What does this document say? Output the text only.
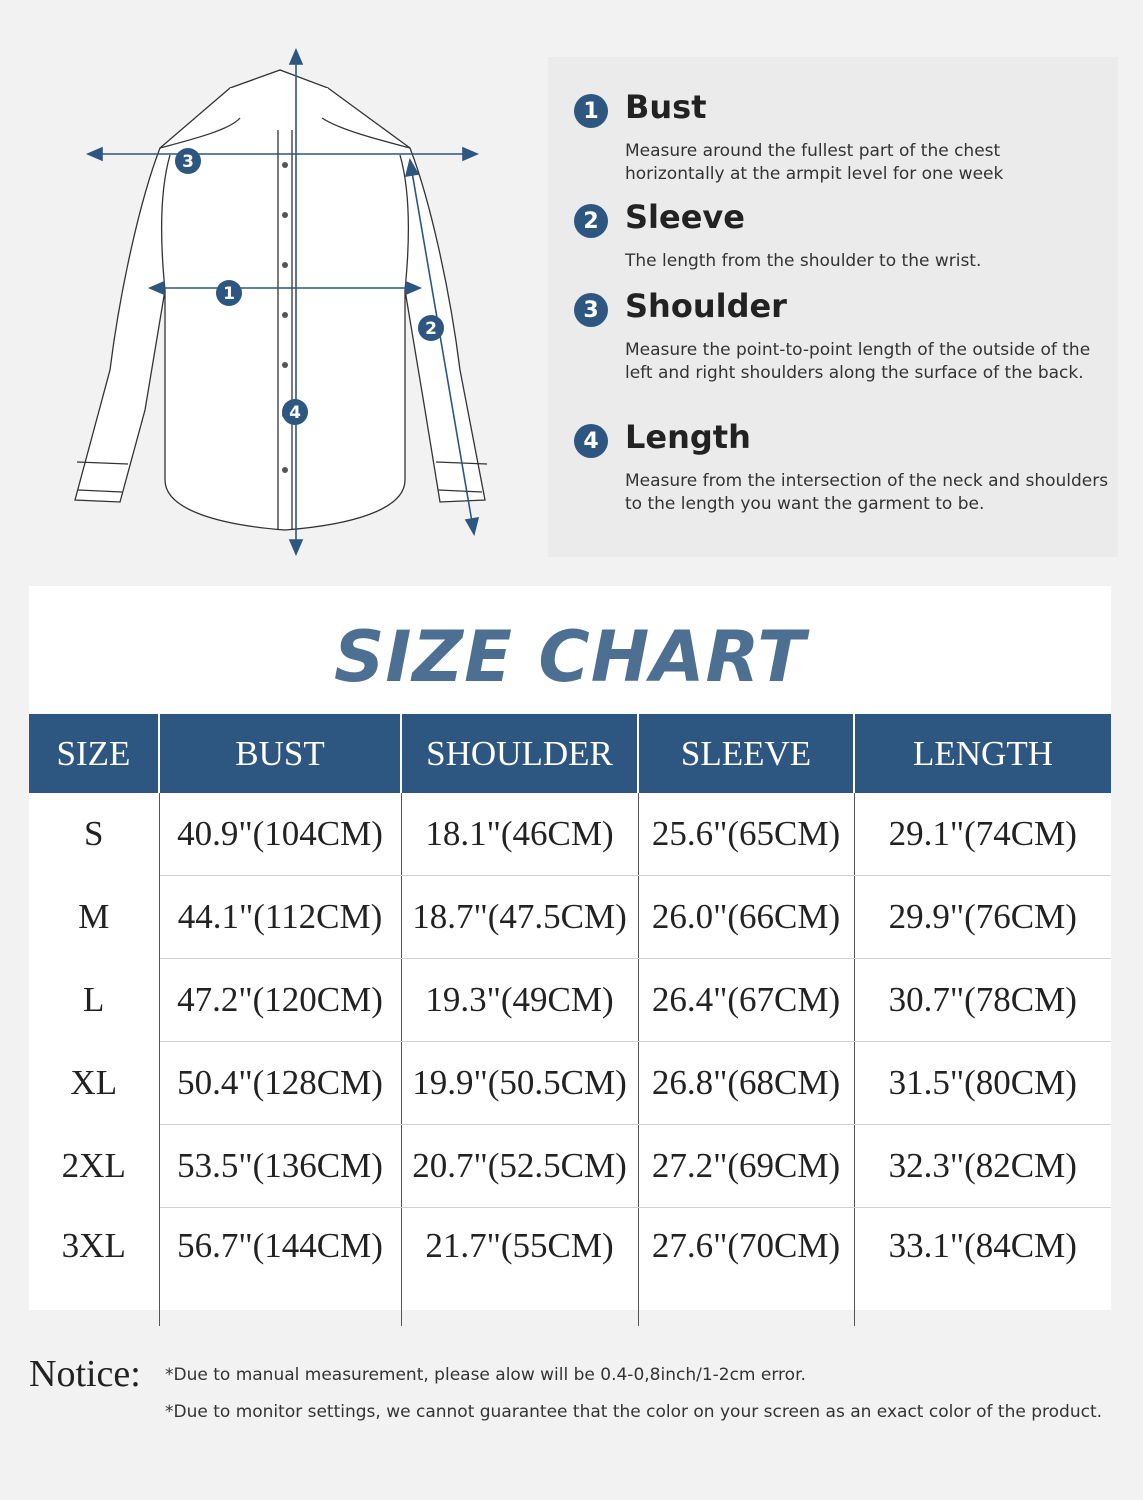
3
1
2
4
1 Bust
Measure around the fullest part of the chest horizontally at the armpit level for one week
2 Sleeve
The length from the shoulder to the wrist.
3 Shoulder
Measure the point-to-point length of the outside of the left and right shoulders along the surface of the back.
4 Length
Measure from the intersection of the neck and shoulders to the length you want the garment to be.
SIZE CHART
SIZE	BUST	SHOULDER	SLEEVE	LENGTH
S	40.9"(104CM)	18.1"(46CM)	25.6"(65CM)	29.1"(74CM)
M	44.1"(112CM)	18.7"(47.5CM)	26.0"(66CM)	29.9"(76CM)
L	47.2"(120CM)	19.3"(49CM)	26.4"(67CM)	30.7"(78CM)
XL	50.4"(128CM)	19.9"(50.5CM)	26.8"(68CM)	31.5"(80CM)
2XL	53.5"(136CM)	20.7"(52.5CM)	27.2"(69CM)	32.3"(82CM)
3XL	56.7"(144CM)	21.7"(55CM)	27.6"(70CM)	33.1"(84CM)
Notice: *Due to manual measurement, please alow will be 0.4-0,8inch/1-2cm error.
*Due to monitor settings, we cannot guarantee that the color on your screen as an exact color of the product.
